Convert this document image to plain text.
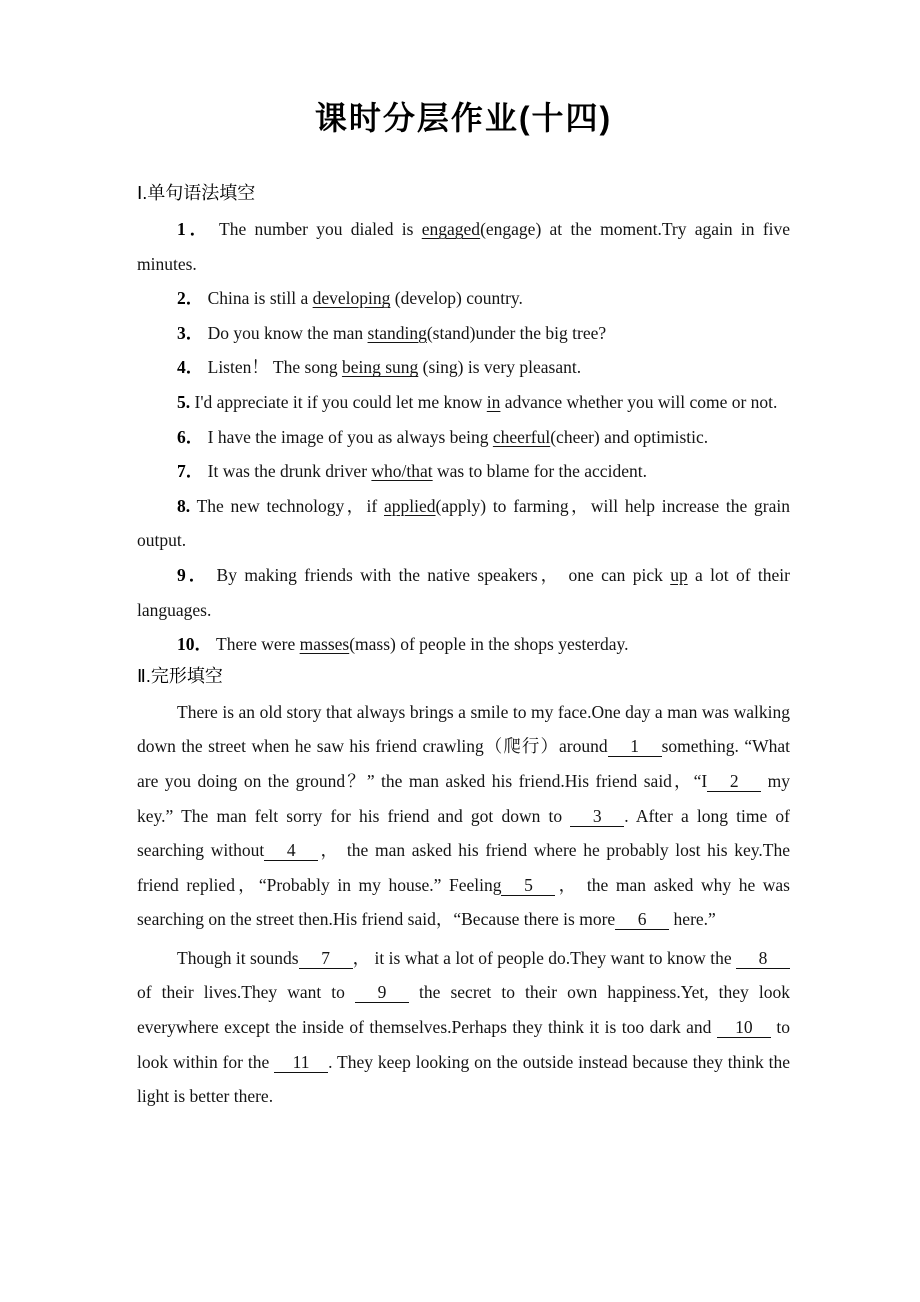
课时分层作业(十四)
Ⅰ.单句语法填空

1． The number you dialed is engaged(engage) at the moment.Try again in five minutes.

2． China is still a developing (develop) country.

3． Do you know the man standing(stand)under the big tree?

4． Listen！ The song being sung (sing) is very pleasant.

5. I'd appreciate it if you could let me know in advance whether you will come or not.

6． I have the image of you as always being cheerful(cheer) and optimistic.

7． It was the drunk driver who/that was to blame for the accident.

8. The new technology，if applied(apply) to farming，will help increase the grain output.

9． By making friends with the native speakers， one can pick up a lot of their languages.

10． There were masses(mass) of people in the shops yesterday.

Ⅱ.完形填空

There is an old story that always brings a smile to my face.One day a man was walking down the street when he saw his friend crawling（爬行）around 1 something. “What are you doing on the ground？” the man asked his friend.His friend said，“I 2 my key.” The man felt sorry for his friend and got down to 3 . After a long time of searching without 4 ， the man asked his friend where he probably lost his key.The friend replied，“Probably in my house.” Feeling 5 ， the man asked why he was searching on the street then.His friend said，“Because there is more 6 here.”

Though it sounds 7 ， it is what a lot of people do.They want to know the 8 of their lives.They want to 9 the secret to their own happiness.Yet, they look everywhere except the inside of themselves.Perhaps they think it is too dark and 10 to look within for the 11 . They keep looking on the outside instead because they think the light is better there.
